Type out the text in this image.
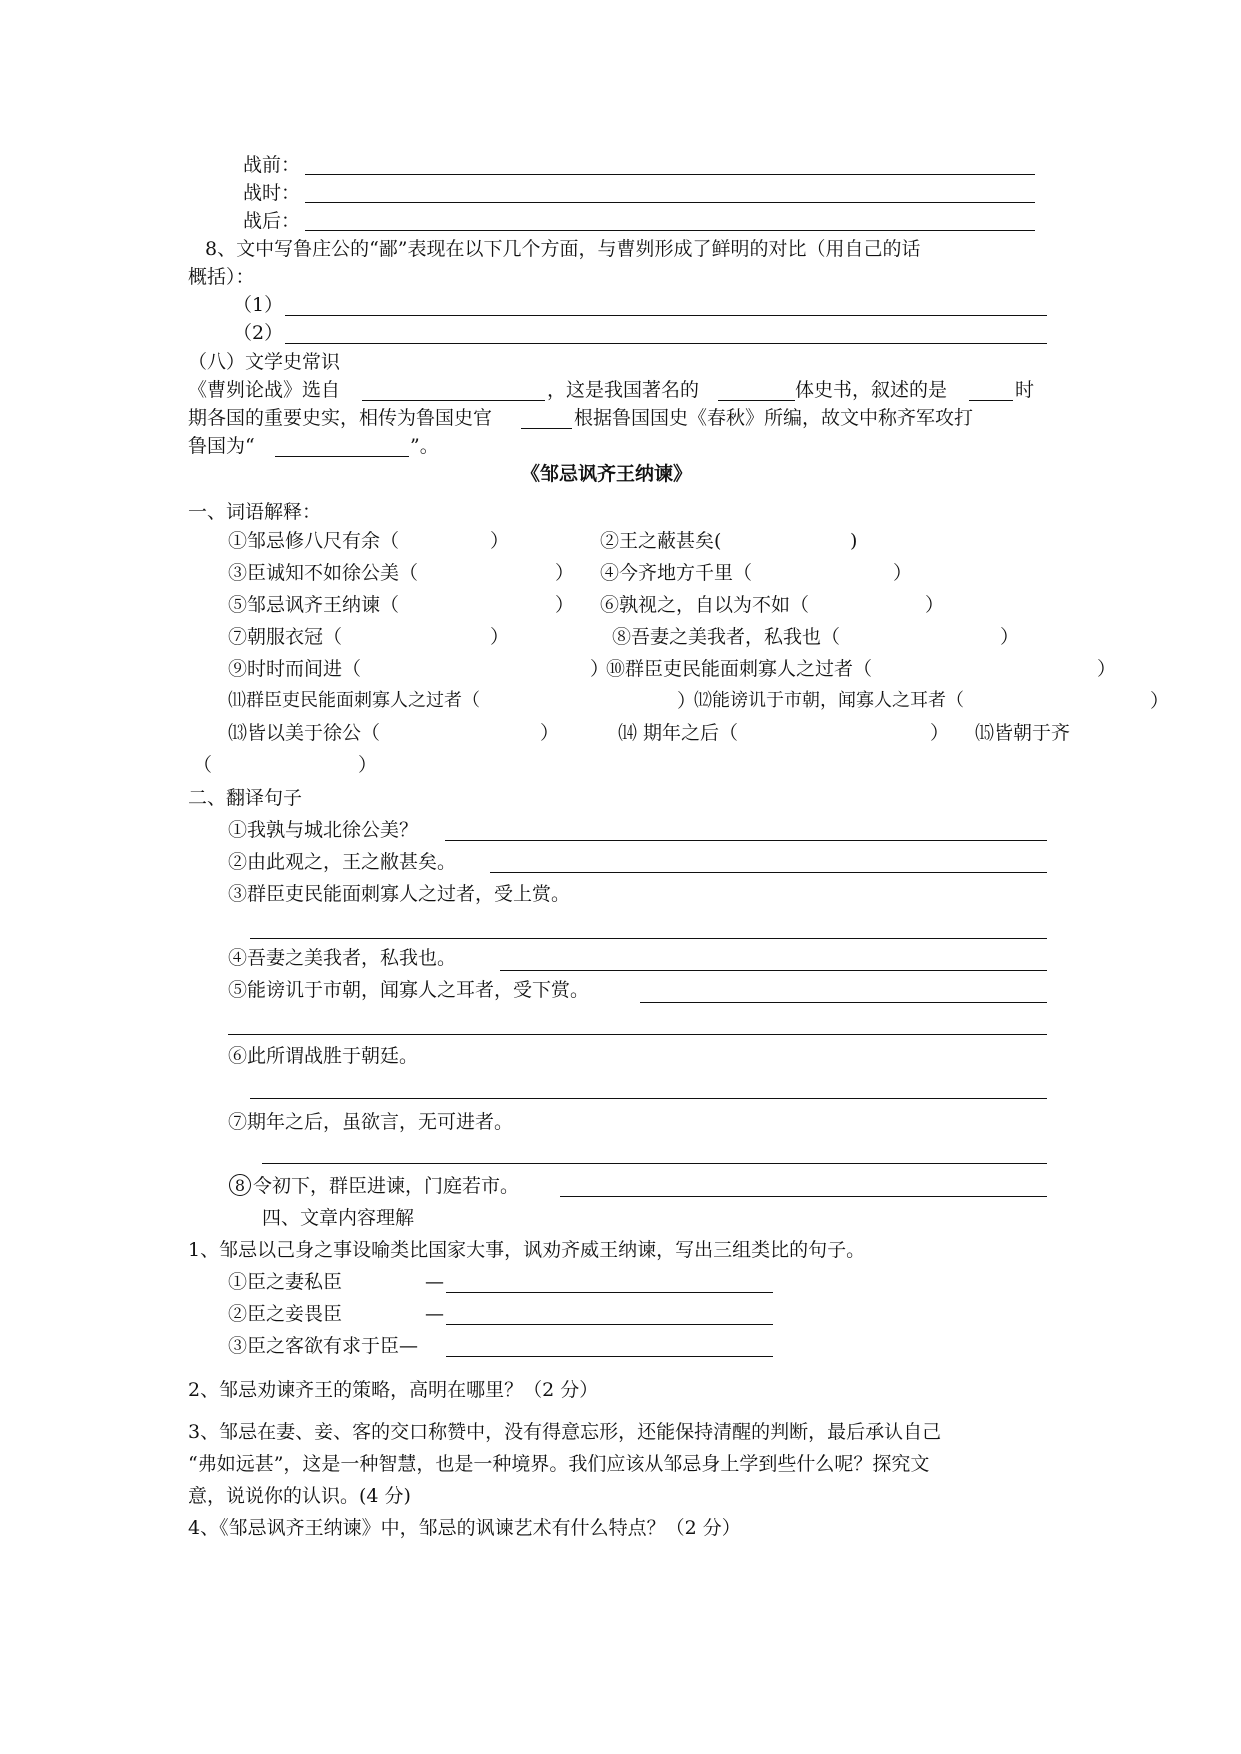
战前：
战时：
战后：
8、文中写鲁庄公的“鄙”表现在以下几个方面，与曹刿形成了鲜明的对比（用自己的话
概括）：
（1）
（2）
（八）文学史常识
《曹刿论战》选自	，这是我国著名的	体史书，叙述的是	时
期各国的重要史实，相传为鲁国史官	根据鲁国国史《春秋》所编，故文中称齐军攻打
鲁国为“	”。
《邹忌讽齐王纳谏》
一、词语解释：
①邹忌修八尺有余（	）	②王之蔽甚矣(	)
③臣诚知不如徐公美（	） ④今齐地方千里（	）
⑤邹忌讽齐王纳谏（	） ⑥孰视之，自以为不如（	）
⑦朝服衣冠（	）	⑧吾妻之美我者，私我也（	）
⑨时时而间进（	）
⑩群臣吏民能面刺寡人之过者（	）
⑾群臣吏民能面刺寡人之过者（	）
⑿能谤讥于市朝，闻寡人之耳者（	）
⒀皆以美于徐公（	）	⒁ 期年之后（	） ⒂皆朝于齐
（	）
二、翻译句子
①我孰与城北徐公美？
②由此观之，王之敝甚矣。
③群臣吏民能面刺寡人之过者，受上赏。
④吾妻之美我者，私我也。
⑤能谤讥于市朝，闻寡人之耳者，受下赏。
⑥此所谓战胜于朝廷。
⑦期年之后，虽欲言，无可进者。
8 令初下，群臣进谏，门庭若市。
四、文章内容理解
1、邹忌以己身之事设喻类比国家大事，讽劝齐威王纳谏，写出三组类比的句子。
①臣之妻私臣	—
②臣之妾畏臣	—
③臣之客欲有求于臣—
2、邹忌劝谏齐王的策略，高明在哪里？（2 分）
3、邹忌在妻、妾、客的交口称赞中，没有得意忘形，还能保持清醒的判断，最后承认自己
“弗如远甚”，这是一种智慧，也是一种境界。我们应该从邹忌身上学到些什么呢？探究文
意，说说你的认识。(4 分)
4、《邹忌讽齐王纳谏》中，邹忌的讽谏艺术有什么特点？（2 分）
